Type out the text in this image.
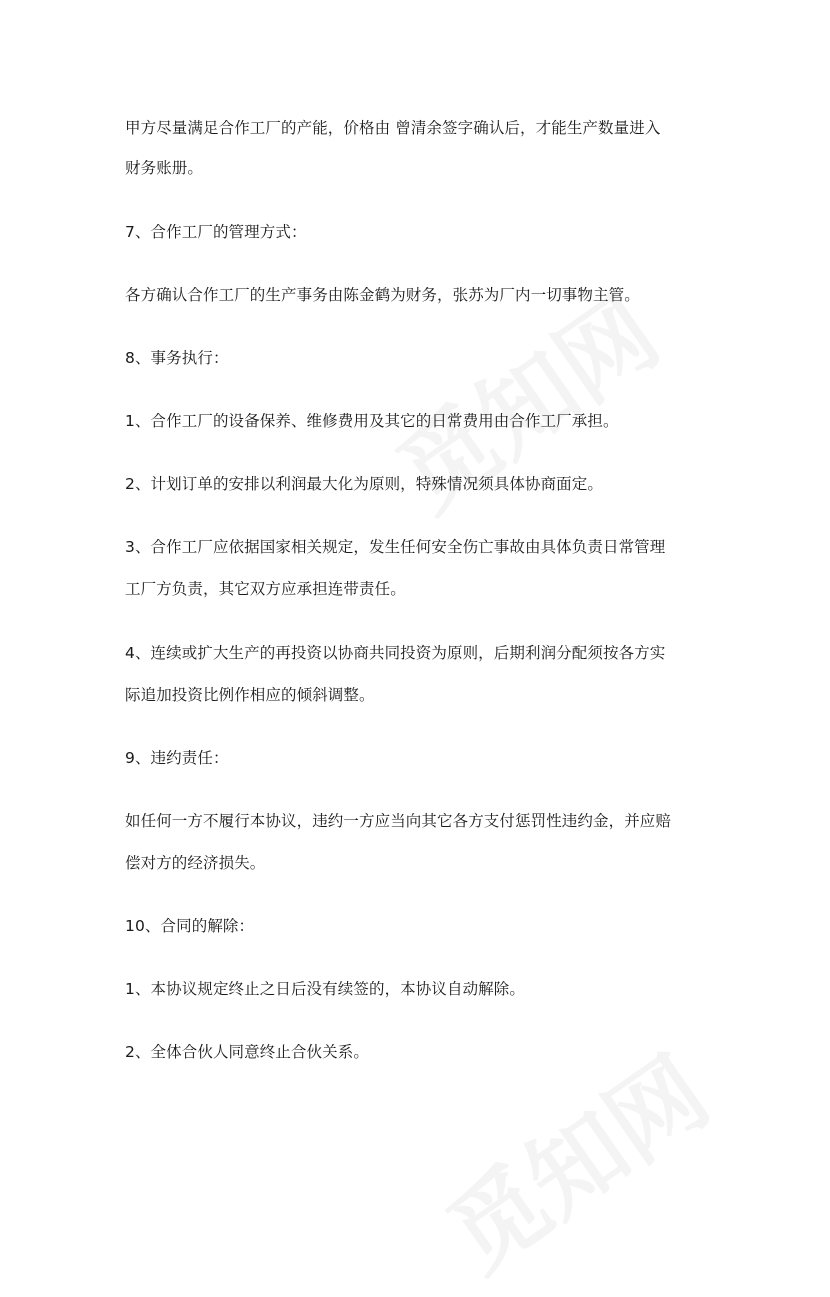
甲方尽量满足合作工厂的产能，价格由 曾清余签字确认后，才能生产数量进入
财务账册。
7、合作工厂的管理方式：
各方确认合作工厂的生产事务由陈金鹤为财务，张苏为厂内一切事物主管。
8、事务执行：
1、合作工厂的设备保养、维修费用及其它的日常费用由合作工厂承担。
2、计划订单的安排以利润最大化为原则，特殊情况须具体协商面定。
3、合作工厂应依据国家相关规定，发生任何安全伤亡事故由具体负责日常管理
工厂方负责，其它双方应承担连带责任。
4、连续或扩大生产的再投资以协商共同投资为原则，后期利润分配须按各方实
际追加投资比例作相应的倾斜调整。
9、违约责任：
如任何一方不履行本协议，违约一方应当向其它各方支付惩罚性违约金，并应赔
偿对方的经济损失。
10、合同的解除：
1、本协议规定终止之日后没有续签的，本协议自动解除。
2、全体合伙人同意终止合伙关系。
